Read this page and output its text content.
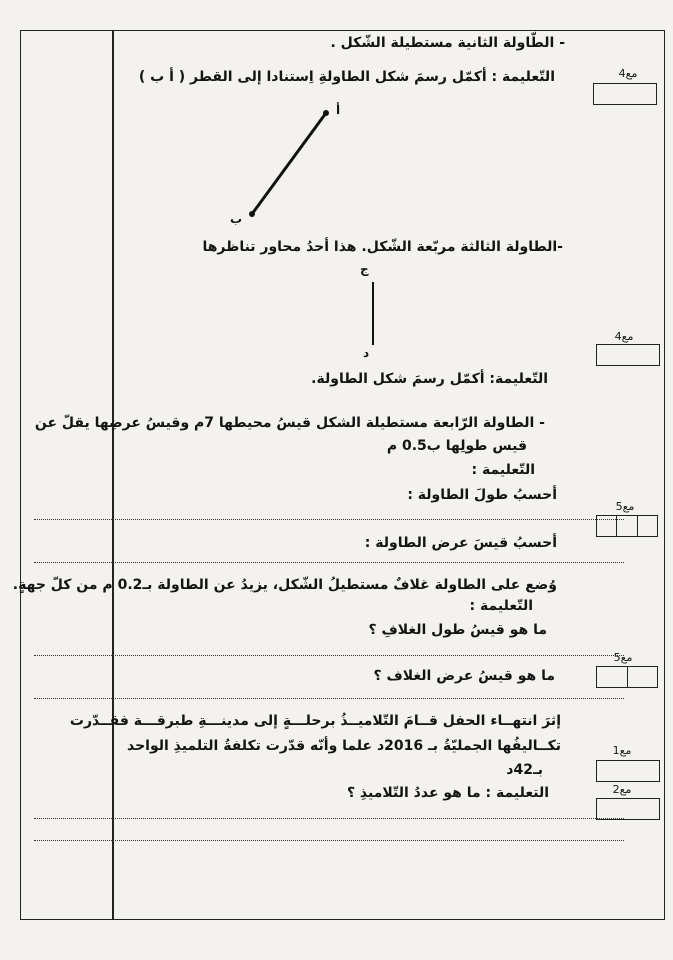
- الطّاولة الثانية مستطيلة الشّكل .
التّعليمة : أكمّل رسمَ شكل الطاولةِ اِستنادا إلى القطر ( أ ب )
أ
ب
ج
د
-الطاولة الثالثة مربّعة الشّكل. هذا أحدُ محاور تناظرها
التّعليمة: أكمّل رسمَ شكل الطاولة.
- الطاولة الرّابعة مستطيلة الشكل قيسُ محيطها 7م وقيسُ عرضِها يقلّ عن
قيس طولِها ب0.5 م
التّعليمة :
أحسبُ طولَ الطاولة :
أحسبُ قيسَ عرض الطاولة :
وُضع على الطاولة غلافٌ مستطيلُ الشّكل، يزيدُ عن الطاولة بـ0.2 م من كلّ جهةٍ.
التّعليمة :
ما هو قيسُ طول الغلافِ ؟
ما هو قيسُ عرض الغلاف ؟
إثرَ انتهــاء الحفل قــامَ التّلاميــذُ برحلـــةٍ إلى مدينـــةِ طبرقـــة فقــدّرت
تكــاليفُها الجمليّةُ بـ 2016د علما وأنّه قدّرت تكلفةُ التلميذِ الواحد
بـ42د
التعليمة : ما هو عددُ التّلاميذِ ؟
مع4
مع4
مع5
مع5
مع1
مع2
